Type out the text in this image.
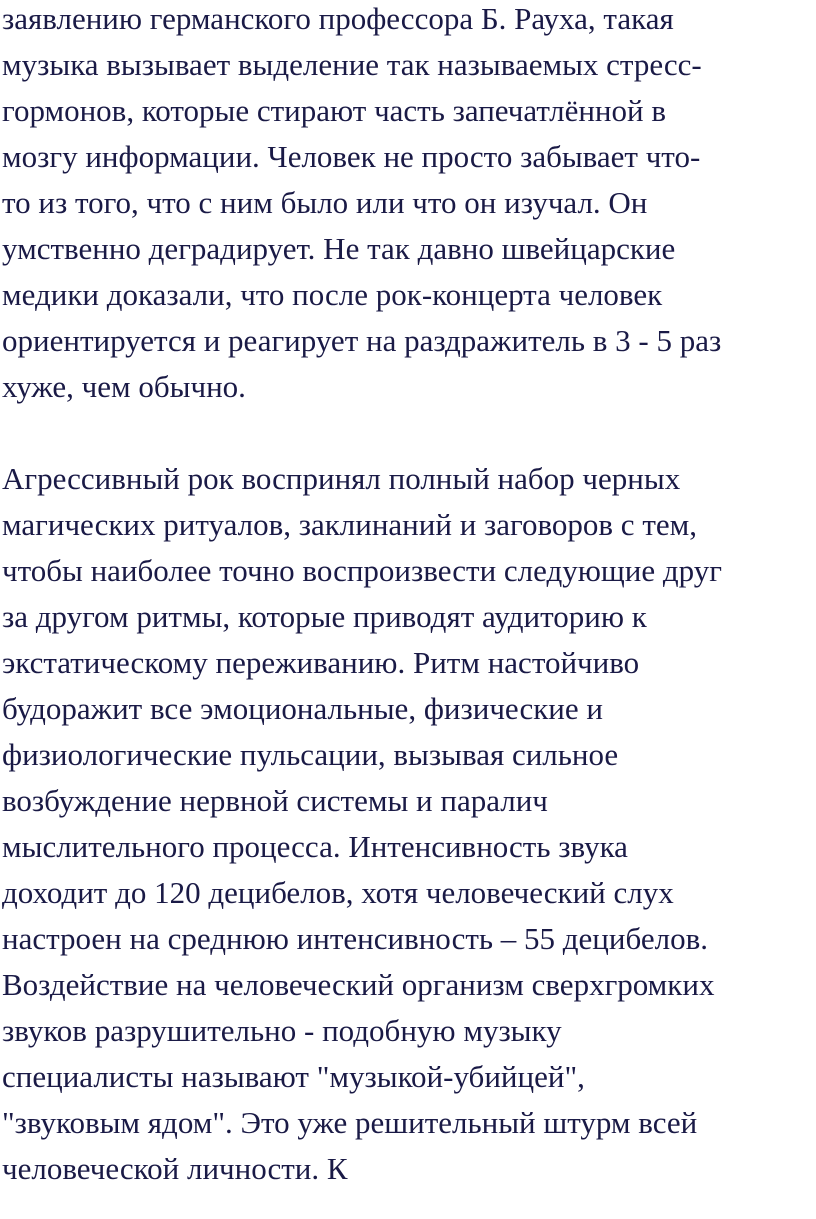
заявлению германского профессора Б. Рауха, такая
музыка вызывает выделение так называемых стресс-
гормонов, которые стирают часть запечатлённой в
мозгу информации. Человек не просто забывает что-
то из того, что с ним было или что он изучал. Он
умственно деградирует. Не так давно швейцарские
медики доказали, что после рок-концерта человек
ориентируется и реагирует на раздражитель в 3 - 5 раз
хуже, чем обычно.
Агрессивный рок воспринял полный набор черных
магических ритуалов, заклинаний и заговоров с тем,
чтобы наиболее точно воспроизвести следующие друг
за другом ритмы, которые приводят аудиторию к
экстатическому переживанию. Ритм настойчиво
будоражит все эмоциональные, физические и
физиологические пульсации, вызывая сильное
возбуждение нервной системы и паралич
мыслительного процесса. Интенсивность звука
доходит до 120 децибелов, хотя человеческий слух
настроен на среднюю интенсивность – 55 децибелов.
Воздействие на человеческий организм сверхгромких
звуков разрушительно - подобную музыку
специалисты называют "музыкой-убийцей",
"звуковым ядом". Это уже решительный штурм всей
человеческой личности. К
